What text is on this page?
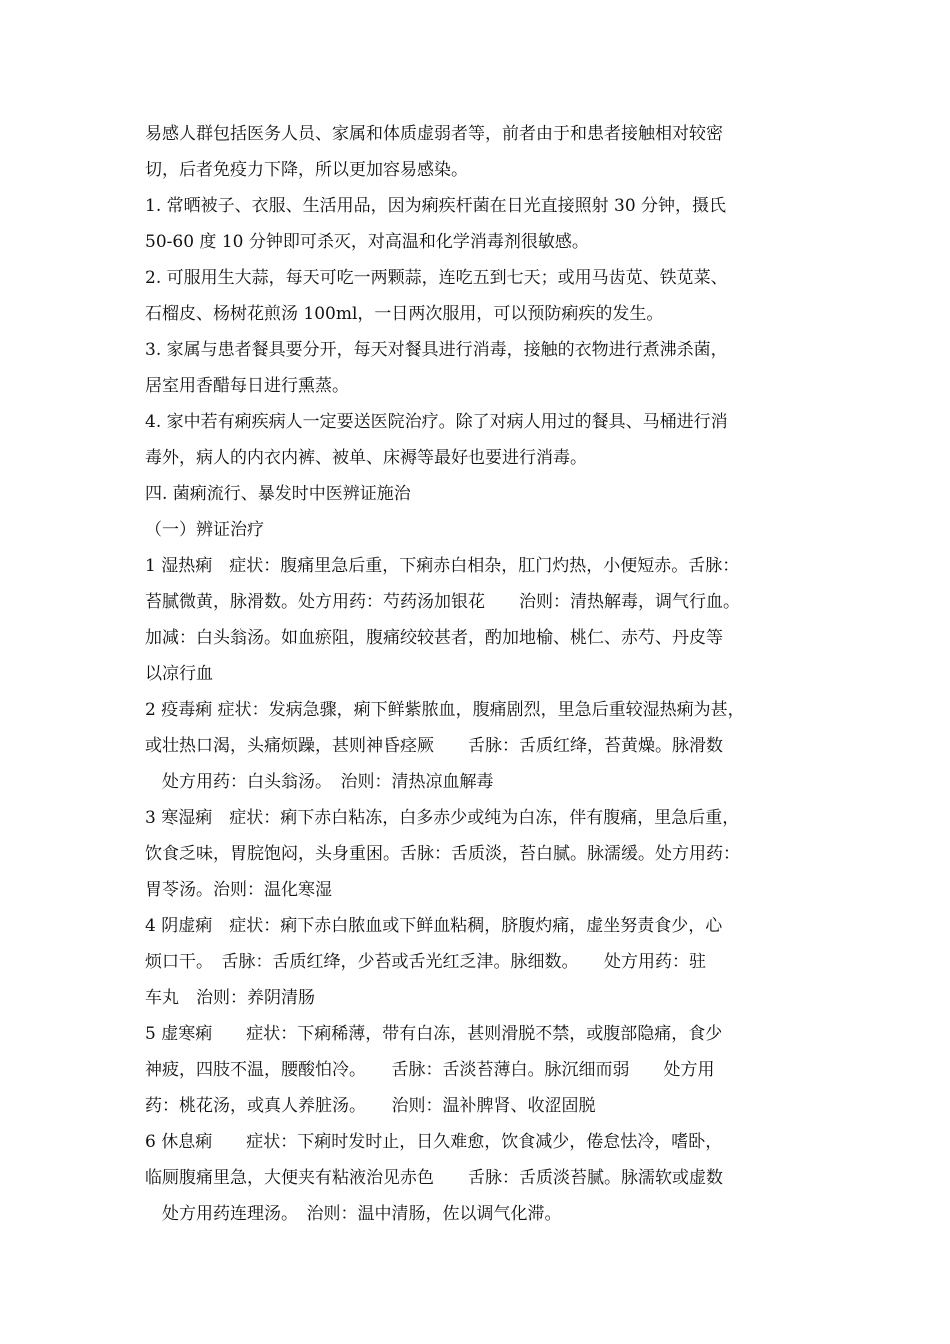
易感人群包括医务人员、家属和体质虚弱者等，前者由于和患者接触相对较密
切，后者免疫力下降，所以更加容易感染。
1. 常晒被子、衣服、生活用品，因为痢疾杆菌在日光直接照射 30 分钟，摄氏
50-60 度 10 分钟即可杀灭，对高温和化学消毒剂很敏感。
2. 可服用生大蒜，每天可吃一两颗蒜，连吃五到七天；或用马齿苋、铁苋菜、
石榴皮、杨树花煎汤 100ml，一日两次服用，可以预防痢疾的发生。
3. 家属与患者餐具要分开，每天对餐具进行消毒，接触的衣物进行煮沸杀菌，
居室用香醋每日进行熏蒸。
4. 家中若有痢疾病人一定要送医院治疗。除了对病人用过的餐具、马桶进行消
毒外，病人的内衣内裤、被单、床褥等最好也要进行消毒。
四. 菌痢流行、暴发时中医辨证施治
（一）辨证治疗
1 湿热痢　症状：腹痛里急后重，下痢赤白相杂，肛门灼热，小便短赤。舌脉：
苔腻微黄，脉滑数。处方用药：芍药汤加银花　　治则：清热解毒，调气行血。
加减：白头翁汤。如血瘀阻，腹痛绞较甚者，酌加地榆、桃仁、赤芍、丹皮等
以凉行血
2 疫毒痢 症状：发病急骤，痢下鲜紫脓血，腹痛剧烈，里急后重较湿热痢为甚，
或壮热口渴，头痛烦躁，甚则神昏痉厥　　舌脉：舌质红绛，苔黄燥。脉滑数
　处方用药：白头翁汤。　治则：清热凉血解毒
3 寒湿痢　症状：痢下赤白粘冻，白多赤少或纯为白冻，伴有腹痛，里急后重，
饮食乏味，胃脘饱闷，头身重困。舌脉：舌质淡，苔白腻。脉濡缓。处方用药：
胃苓汤。治则：温化寒湿
4 阴虚痢　症状：痢下赤白脓血或下鲜血粘稠，脐腹灼痛，虚坐努责食少，心
烦口干。　舌脉：舌质红绛，少苔或舌光红乏津。脉细数。　　处方用药：驻
车丸　治则：养阴清肠
5 虚寒痢　　症状：下痢稀薄，带有白冻，甚则滑脱不禁，或腹部隐痛，食少
神疲，四肢不温，腰酸怕冷。　　舌脉：舌淡苔薄白。脉沉细而弱　　处方用
药：桃花汤，或真人养脏汤。　　治则：温补脾肾、收涩固脱
6 休息痢　　症状：下痢时发时止，日久难愈，饮食减少，倦怠怯冷，嗜卧，
临厕腹痛里急，大便夹有粘液治见赤色　　舌脉：舌质淡苔腻。脉濡软或虚数
　处方用药连理汤。　治则：温中清肠，佐以调气化滞。
